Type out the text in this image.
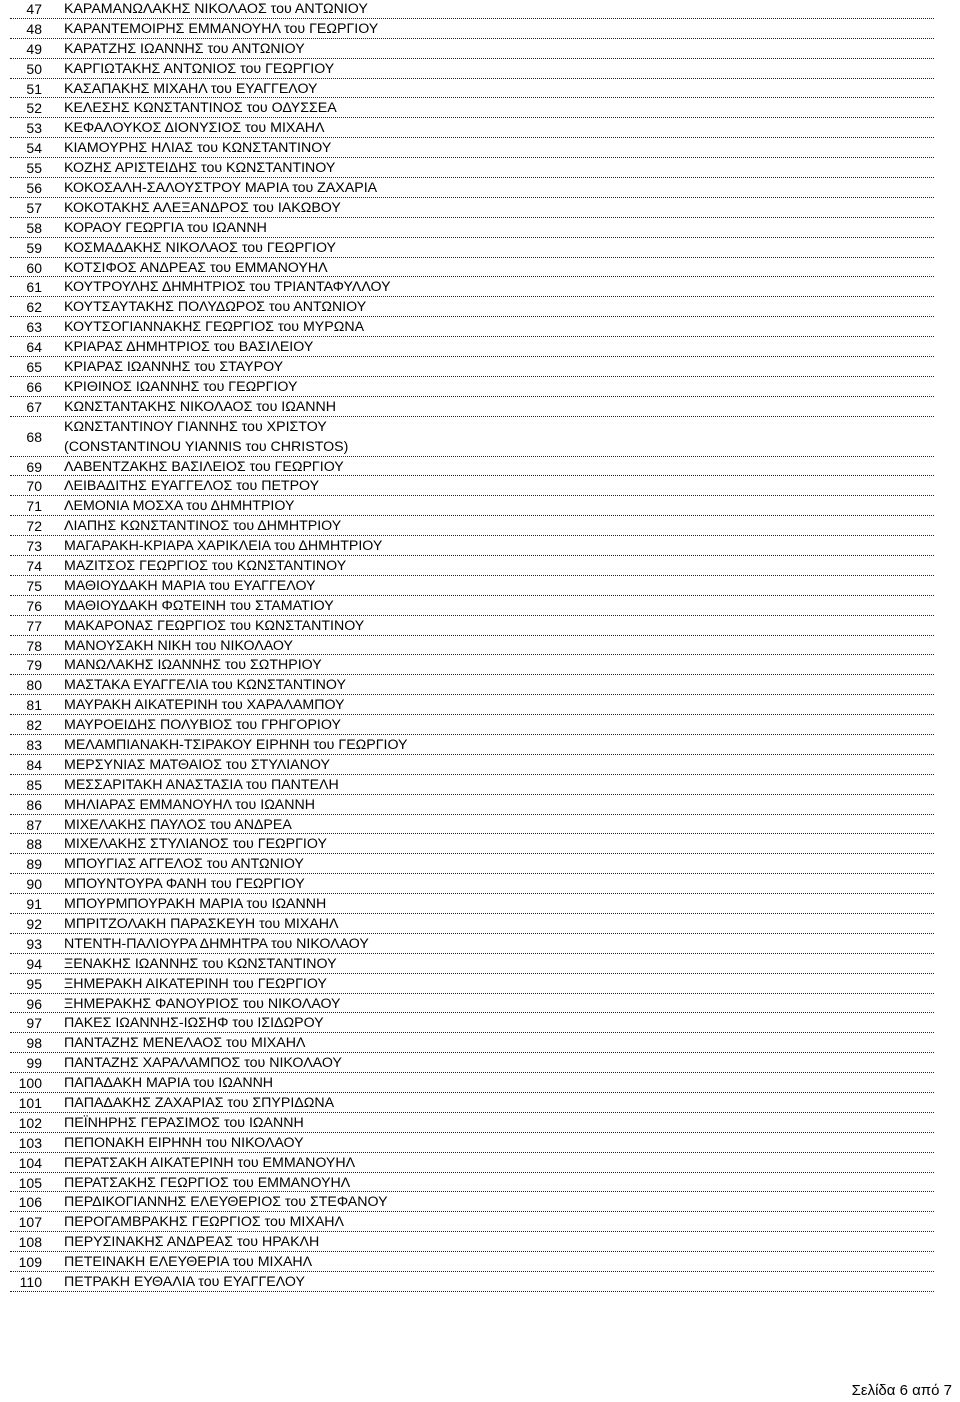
47 ΚΑΡΑΜΑΝΩΛΑΚΗΣ ΝΙΚΟΛΑΟΣ του ΑΝΤΩΝΙΟΥ
48 ΚΑΡΑΝΤΕΜΟΙΡΗΣ ΕΜΜΑΝΟΥΗΛ του ΓΕΩΡΓΙΟΥ
49 ΚΑΡΑΤΖΗΣ ΙΩΑΝΝΗΣ του ΑΝΤΩΝΙΟΥ
50 ΚΑΡΓΙΩΤΑΚΗΣ ΑΝΤΩΝΙΟΣ του ΓΕΩΡΓΙΟΥ
51 ΚΑΣΑΠΑΚΗΣ ΜΙΧΑΗΛ του ΕΥΑΓΓΕΛΟΥ
52 ΚΕΛΕΣΗΣ ΚΩΝΣΤΑΝΤΙΝΟΣ του ΟΔΥΣΣΕΑ
53 ΚΕΦΑΛΟΥΚΟΣ ΔΙΟΝΥΣΙΟΣ του ΜΙΧΑΗΛ
54 ΚΙΑΜΟΥΡΗΣ ΗΛΙΑΣ του ΚΩΝΣΤΑΝΤΙΝΟΥ
55 ΚΟΖΗΣ ΑΡΙΣΤΕΙΔΗΣ του ΚΩΝΣΤΑΝΤΙΝΟΥ
56 ΚΟΚΟΣΑΛΗ-ΣΑΛΟΥΣΤΡΟΥ ΜΑΡΙΑ του ΖΑΧΑΡΙΑ
57 ΚΟΚΟΤΑΚΗΣ ΑΛΕΞΑΝΔΡΟΣ του ΙΑΚΩΒΟΥ
58 ΚΟΡΑΟΥ ΓΕΩΡΓΙΑ του ΙΩΑΝΝΗ
59 ΚΟΣΜΑΔΑΚΗΣ ΝΙΚΟΛΑΟΣ του ΓΕΩΡΓΙΟΥ
60 ΚΟΤΣΙΦΟΣ ΑΝΔΡΕΑΣ του ΕΜΜΑΝΟΥΗΛ
61 ΚΟΥΤΡΟΥΛΗΣ ΔΗΜΗΤΡΙΟΣ του ΤΡΙΑΝΤΑΦΥΛΛΟΥ
62 ΚΟΥΤΣΑΥΤΑΚΗΣ ΠΟΛΥΔΩΡΟΣ του ΑΝΤΩΝΙΟΥ
63 ΚΟΥΤΣΟΓΙΑΝΝΑΚΗΣ ΓΕΩΡΓΙΟΣ του ΜΥΡΩΝΑ
64 ΚΡΙΑΡΑΣ ΔΗΜΗΤΡΙΟΣ του ΒΑΣΙΛΕΙΟΥ
65 ΚΡΙΑΡΑΣ ΙΩΑΝΝΗΣ του ΣΤΑΥΡΟΥ
66 ΚΡΙΘΙΝΟΣ ΙΩΑΝΝΗΣ του ΓΕΩΡΓΙΟΥ
67 ΚΩΝΣΤΑΝΤΑΚΗΣ ΝΙΚΟΛΑΟΣ του ΙΩΑΝΝΗ
68
ΚΩΝΣΤΑΝΤΙΝΟΥ ΓΙΑΝΝΗΣ του ΧΡΙΣΤΟΥ
(CONSTANTINOU YIANNIS του CHRISTOS)
69 ΛΑΒΕΝΤΖΑΚΗΣ ΒΑΣΙΛΕΙΟΣ του ΓΕΩΡΓΙΟΥ
70 ΛΕΙΒΑΔΙΤΗΣ ΕΥΑΓΓΕΛΟΣ του ΠΕΤΡΟΥ
71 ΛΕΜΟΝΙΑ ΜΟΣΧΑ του ΔΗΜΗΤΡΙΟΥ
72 ΛΙΑΠΗΣ ΚΩΝΣΤΑΝΤΙΝΟΣ του ΔΗΜΗΤΡΙΟΥ
73 ΜΑΓΑΡΑΚΗ-ΚΡΙΑΡΑ ΧΑΡΙΚΛΕΙΑ του ΔΗΜΗΤΡΙΟΥ
74 ΜΑΖΙΤΣΟΣ ΓΕΩΡΓΙΟΣ του ΚΩΝΣΤΑΝΤΙΝΟΥ
75 ΜΑΘΙΟΥΔΑΚΗ ΜΑΡΙΑ του ΕΥΑΓΓΕΛΟΥ
76 ΜΑΘΙΟΥΔΑΚΗ ΦΩΤΕΙΝΗ του ΣΤΑΜΑΤΙΟΥ
77 ΜΑΚΑΡΟΝΑΣ ΓΕΩΡΓΙΟΣ του ΚΩΝΣΤΑΝΤΙΝΟΥ
78 ΜΑΝΟΥΣΑΚΗ ΝΙΚΗ του ΝΙΚΟΛΑΟΥ
79 ΜΑΝΩΛΑΚΗΣ ΙΩΑΝΝΗΣ του ΣΩΤΗΡΙΟΥ
80 ΜΑΣΤΑΚΑ ΕΥΑΓΓΕΛΙΑ του ΚΩΝΣΤΑΝΤΙΝΟΥ
81 ΜΑΥΡΑΚΗ ΑΙΚΑΤΕΡΙΝΗ του ΧΑΡΑΛΑΜΠΟΥ
82 ΜΑΥΡΟΕΙΔΗΣ ΠΟΛΥΒΙΟΣ του ΓΡΗΓΟΡΙΟΥ
83 ΜΕΛΑΜΠΙΑΝΑΚΗ-ΤΣΙΡΑΚΟΥ ΕΙΡΗΝΗ του ΓΕΩΡΓΙΟΥ
84 ΜΕΡΣΥΝΙΑΣ ΜΑΤΘΑΙΟΣ του ΣΤΥΛΙΑΝΟΥ
85 ΜΕΣΣΑΡΙΤΑΚΗ ΑΝΑΣΤΑΣΙΑ του ΠΑΝΤΕΛΗ
86 ΜΗΛΙΑΡΑΣ ΕΜΜΑΝΟΥΗΛ του ΙΩΑΝΝΗ
87 ΜΙΧΕΛΑΚΗΣ ΠΑΥΛΟΣ του ΑΝΔΡΕΑ
88 ΜΙΧΕΛΑΚΗΣ ΣΤΥΛΙΑΝΟΣ του ΓΕΩΡΓΙΟΥ
89 ΜΠΟΥΓΙΑΣ ΑΓΓΕΛΟΣ του ΑΝΤΩΝΙΟΥ
90 ΜΠΟΥΝΤΟΥΡΑ ΦΑΝΗ του ΓΕΩΡΓΙΟΥ
91 ΜΠΟΥΡΜΠΟΥΡΑΚΗ ΜΑΡΙΑ του ΙΩΑΝΝΗ
92 ΜΠΡΙΤΖΟΛΑΚΗ ΠΑΡΑΣΚΕΥΗ του ΜΙΧΑΗΛ
93 ΝΤΕΝΤΗ-ΠΑΛΙΟΥΡΑ ΔΗΜΗΤΡΑ του ΝΙΚΟΛΑΟΥ
94 ΞΕΝΑΚΗΣ ΙΩΑΝΝΗΣ του ΚΩΝΣΤΑΝΤΙΝΟΥ
95 ΞΗΜΕΡΑΚΗ ΑΙΚΑΤΕΡΙΝΗ του ΓΕΩΡΓΙΟΥ
96 ΞΗΜΕΡΑΚΗΣ ΦΑΝΟΥΡΙΟΣ του ΝΙΚΟΛΑΟΥ
97 ΠΑΚΕΣ ΙΩΑΝΝΗΣ-ΙΩΣΗΦ του ΙΣΙΔΩΡΟΥ
98 ΠΑΝΤΑΖΗΣ ΜΕΝΕΛΑΟΣ του ΜΙΧΑΗΛ
99 ΠΑΝΤΑΖΗΣ ΧΑΡΑΛΑΜΠΟΣ του ΝΙΚΟΛΑΟΥ
100 ΠΑΠΑΔΑΚΗ ΜΑΡΙΑ του ΙΩΑΝΝΗ
101 ΠΑΠΑΔΑΚΗΣ ΖΑΧΑΡΙΑΣ του ΣΠΥΡΙΔΩΝΑ
102 ΠΕΪΝΗΡΗΣ ΓΕΡΑΣΙΜΟΣ του ΙΩΑΝΝΗ
103 ΠΕΠΟΝΑΚΗ ΕΙΡΗΝΗ του ΝΙΚΟΛΑΟΥ
104 ΠΕΡΑΤΣΑΚΗ ΑΙΚΑΤΕΡΙΝΗ του ΕΜΜΑΝΟΥΗΛ
105 ΠΕΡΑΤΣΑΚΗΣ ΓΕΩΡΓΙΟΣ του ΕΜΜΑΝΟΥΗΛ
106 ΠΕΡΔΙΚΟΓΙΑΝΝΗΣ ΕΛΕΥΘΕΡΙΟΣ του ΣΤΕΦΑΝΟΥ
107 ΠΕΡΟΓΑΜΒΡΑΚΗΣ ΓΕΩΡΓΙΟΣ του ΜΙΧΑΗΛ
108 ΠΕΡΥΣΙΝΑΚΗΣ ΑΝΔΡΕΑΣ του ΗΡΑΚΛΗ
109 ΠΕΤΕΙΝΑΚΗ ΕΛΕΥΘΕΡΙΑ του ΜΙΧΑΗΛ
110 ΠΕΤΡΑΚΗ ΕΥΘΑΛΙΑ του ΕΥΑΓΓΕΛΟΥ
Σελίδα 6 από 7
